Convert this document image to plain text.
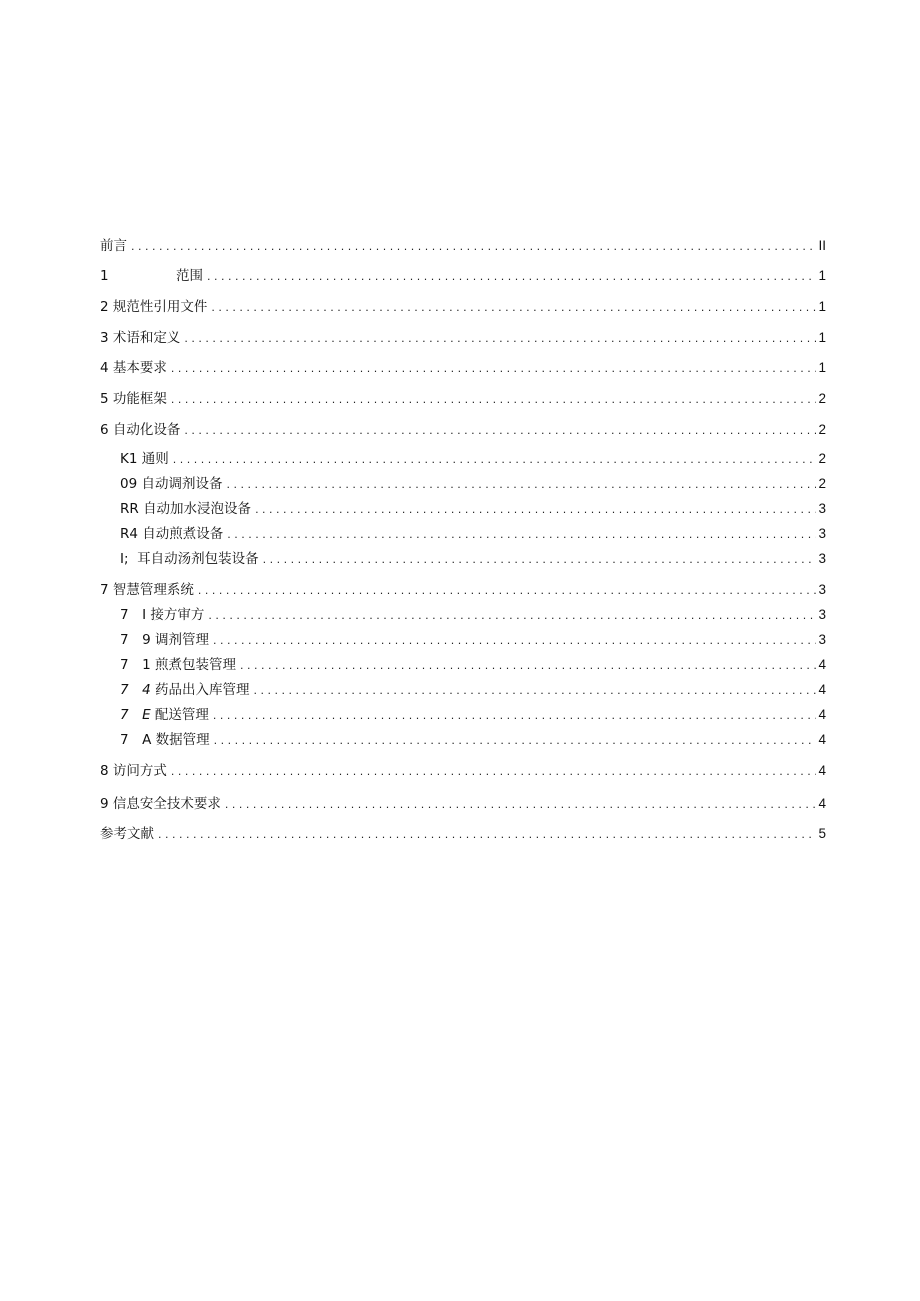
前言 . . .	II
1	范围 . . .	1
2 规范性引用文件 . . .	1
3 术语和定义 . . .	1
4 基本要求 . . .	1
5 功能框架 . . .	2
6 自动化设备 . . .	2
K1 通则 . . .	2
09 自动调剂设备 . . .	2
RR 自动加水浸泡设备 . . .	3
R4 自动煎煮设备 . . .	3
I; 耳自动汤剂包装设备 . . .	3
7 智慧管理系统 . . .	3
7　I 接方审方 . . .	3
7　9 调剂管理 . . .	3
7　1 煎煮包装管理 . . .	4
7　4 药品出入库管理 . . .	4
7　E 配送管理 . . .	4
7　A 数据管理 . . .	4
8 访问方式 . . .	4
9 信息安全技术要求 . . .	4
参考文献 . . .	5
